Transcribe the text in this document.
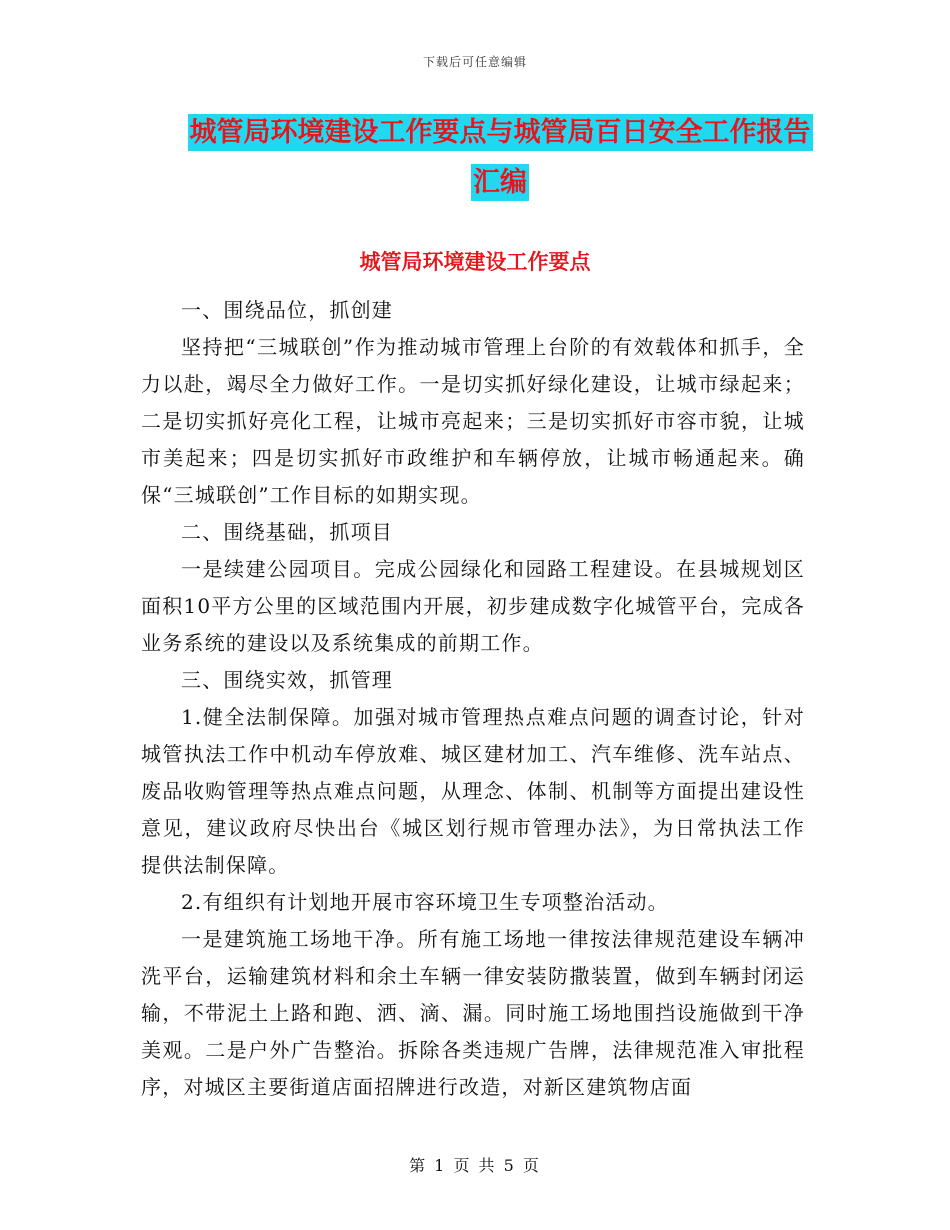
下载后可任意编辑
城管局环境建设工作要点与城管局百日安全工作报告
汇编
城管局环境建设工作要点

一、围绕品位，抓创建

坚持把“三城联创”作为推动城市管理上台阶的有效载体和抓手，全力以赴，竭尽全力做好工作。一是切实抓好绿化建设，让城市绿起来；二是切实抓好亮化工程，让城市亮起来；三是切实抓好市容市貌，让城市美起来；四是切实抓好市政维护和车辆停放，让城市畅通起来。确保“三城联创”工作目标的如期实现。

二、围绕基础，抓项目

一是续建公园项目。完成公园绿化和园路工程建设。在县城规划区面积10平方公里的区域范围内开展，初步建成数字化城管平台，完成各业务系统的建设以及系统集成的前期工作。

三、围绕实效，抓管理

1.健全法制保障。加强对城市管理热点难点问题的调查讨论，针对城管执法工作中机动车停放难、城区建材加工、汽车维修、洗车站点、废品收购管理等热点难点问题，从理念、体制、机制等方面提出建设性意见，建议政府尽快出台《城区划行规市管理办法》，为日常执法工作提供法制保障。

2.有组织有计划地开展市容环境卫生专项整治活动。

一是建筑施工场地干净。所有施工场地一律按法律规范建设车辆冲洗平台，运输建筑材料和余土车辆一律安装防撒装置，做到车辆封闭运输，不带泥土上路和跑、洒、滴、漏。同时施工场地围挡设施做到干净美观。二是户外广告整治。拆除各类违规广告牌，法律规范准入审批程序，对城区主要街道店面招牌进行改造，对新区建筑物店面

第 1 页 共 5 页
